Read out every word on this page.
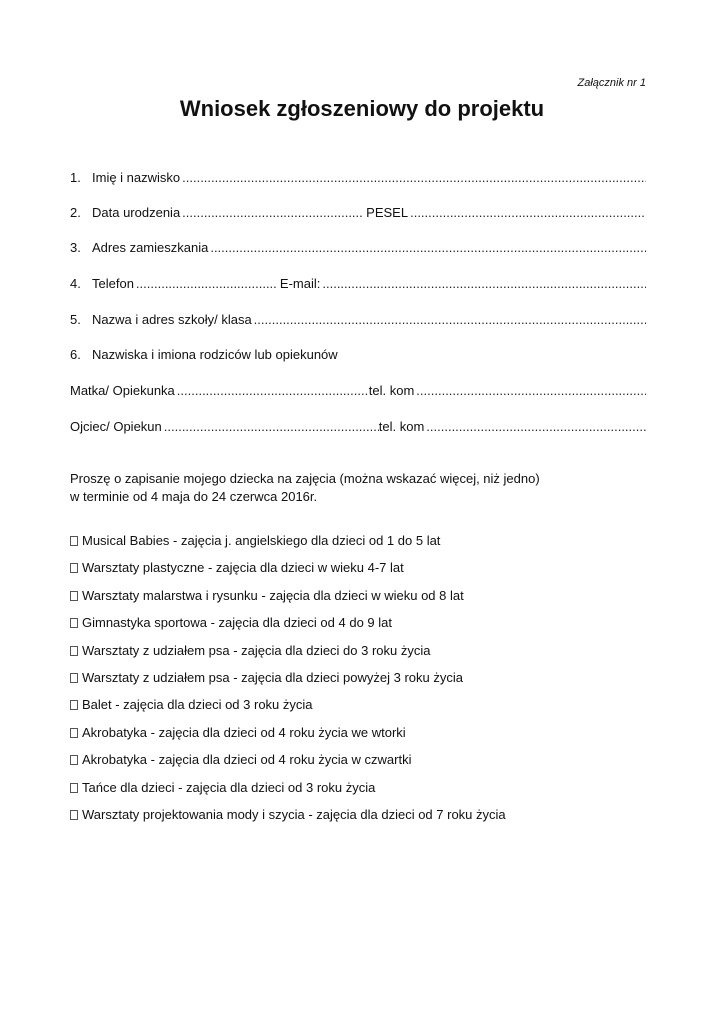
Załącznik nr 1
Wniosek zgłoszeniowy do projektu
1. Imię i nazwisko
.....
2. Data urodzenia .....	PESEL
.....
3. Adres zamieszkania
.....
4. Telefon .....	E-mail:
.....
5. Nazwa i adres szkoły/ klasa
.....
6. Nazwiska i imiona rodziców lub opiekunów
Matka/ Opiekunka .....	tel. kom
.....
Ojciec/ Opiekun .....	tel. kom
.....
Proszę o zapisanie mojego dziecka na zajęcia (można wskazać więcej, niż jedno)
w terminie od 4 maja do 24 czerwca 2016r.
Musical Babies - zajęcia j. angielskiego dla dzieci od 1 do 5 lat
Warsztaty plastyczne - zajęcia dla dzieci w wieku 4-7 lat
Warsztaty malarstwa i rysunku - zajęcia dla dzieci w wieku od 8 lat
Gimnastyka sportowa - zajęcia dla dzieci od 4 do 9 lat
Warsztaty z udziałem psa - zajęcia dla dzieci do 3 roku życia
Warsztaty z udziałem psa - zajęcia dla dzieci powyżej 3 roku życia
Balet - zajęcia dla dzieci od 3 roku życia
Akrobatyka - zajęcia dla dzieci od 4 roku życia we wtorki
Akrobatyka - zajęcia dla dzieci od 4 roku życia w czwartki
Tańce dla dzieci - zajęcia dla dzieci od 3 roku życia
Warsztaty projektowania mody i szycia - zajęcia dla dzieci od 7 roku życia
